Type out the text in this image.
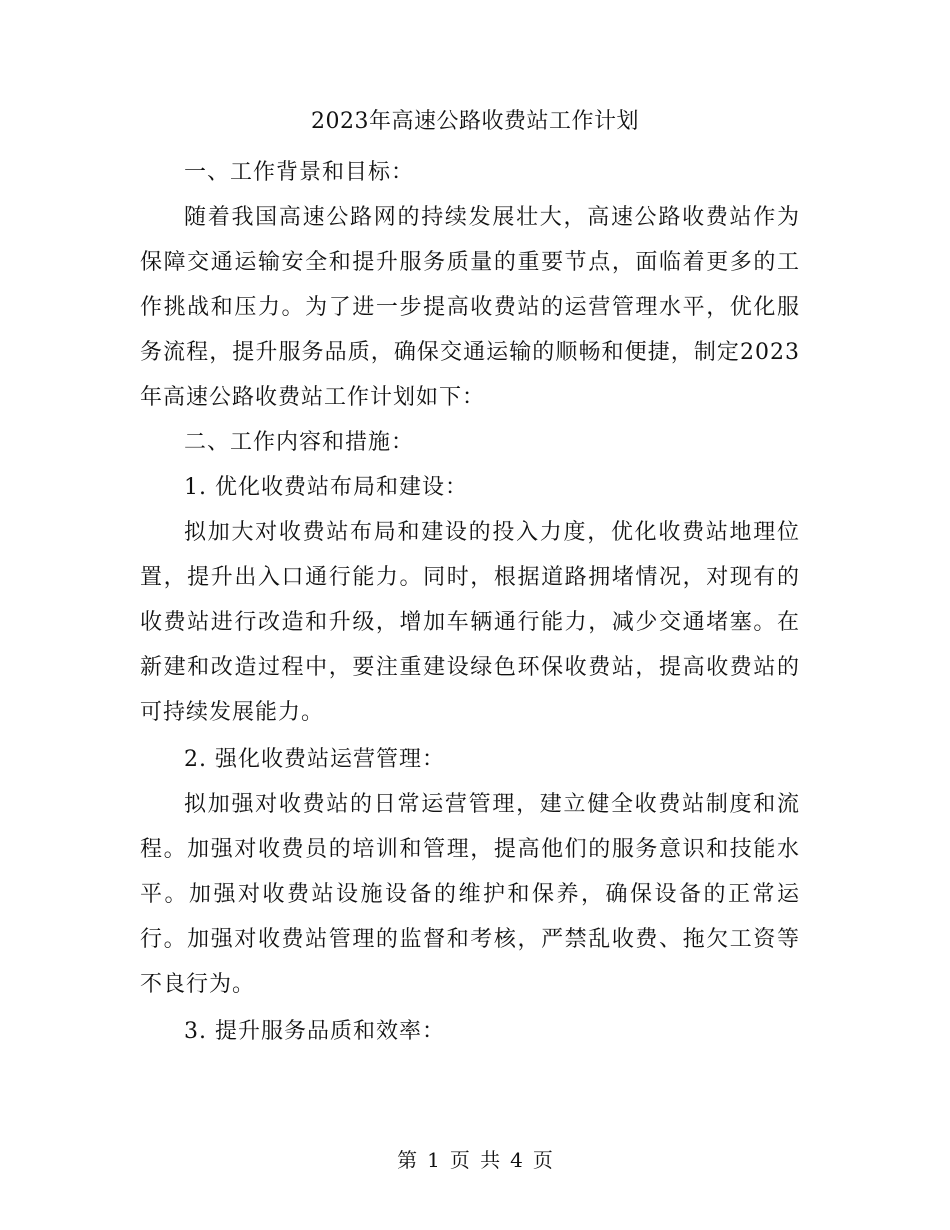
2023年高速公路收费站工作计划

一、工作背景和目标：

随着我国高速公路网的持续发展壮大，高速公路收费站作为保障交通运输安全和提升服务质量的重要节点，面临着更多的工作挑战和压力。为了进一步提高收费站的运营管理水平，优化服务流程，提升服务品质，确保交通运输的顺畅和便捷，制定2023年高速公路收费站工作计划如下：

二、工作内容和措施：

1. 优化收费站布局和建设：

拟加大对收费站布局和建设的投入力度，优化收费站地理位置，提升出入口通行能力。同时，根据道路拥堵情况，对现有的收费站进行改造和升级，增加车辆通行能力，减少交通堵塞。在新建和改造过程中，要注重建设绿色环保收费站，提高收费站的可持续发展能力。

2. 强化收费站运营管理：

拟加强对收费站的日常运营管理，建立健全收费站制度和流程。加强对收费员的培训和管理，提高他们的服务意识和技能水平。加强对收费站设施设备的维护和保养，确保设备的正常运行。加强对收费站管理的监督和考核，严禁乱收费、拖欠工资等不良行为。

3. 提升服务品质和效率：

第 1 页 共 4 页
